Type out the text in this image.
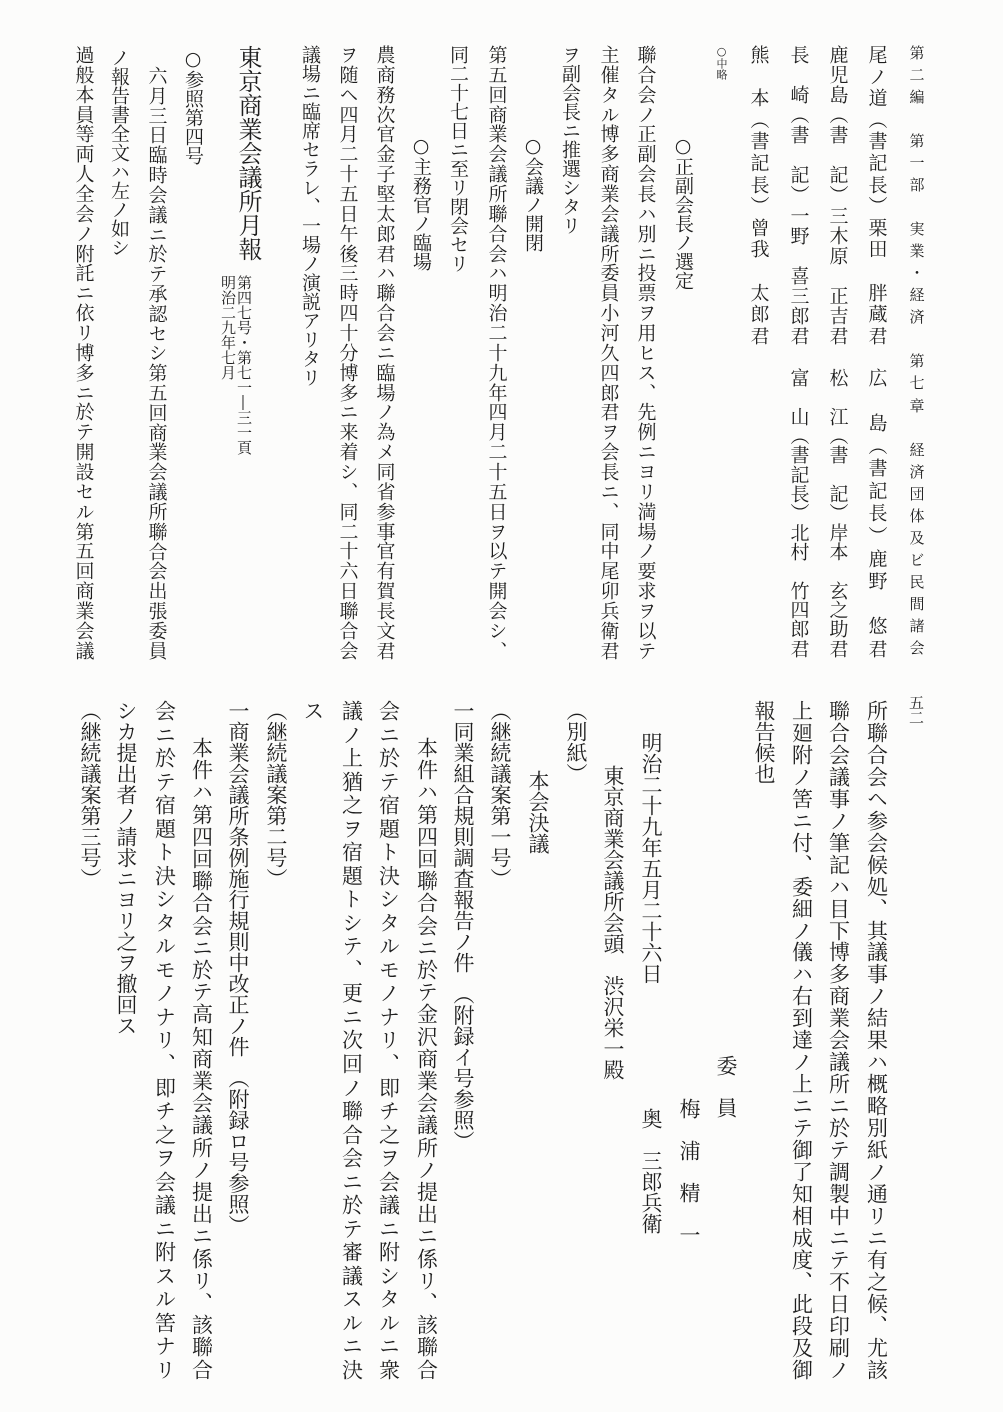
第
二
編

第
一
部

実
業
・
経
済

第
七
章

経
済
団
体
及
ビ
民
間
諸
会
尾
ノ
道
（
書
記
長
）
栗
田

胖
蔵
君
広

島
（
書
記
長
）
鹿
野

悠
君
鹿
児
島
（
書

記
）
三
木
原

正
吉
君
松

江
（
書

記
）
岸
本

玄
之
助
君
長

崎
（
書

記
）
一
野

喜
三
郎
君
富

山
（
書
記
長
）
北
村

竹
四
郎
君
熊

本
（
書
記
長
）
曾
我

太
郎
君
○中略
○正副会長ノ選定
聯
合
会
ノ
正
副
会
長
ハ
別
ニ
投
票
ヲ
用
ヒ
ス
、
先
例
ニ
ヨ
リ
満
場
ノ
要
求
ヲ
以
テ
主
催
タ
ル
博
多
商
業
会
議
所
委
員
小
河
久
四
郎
君
ヲ
会
長
ニ
、
同
中
尾
卯
兵
衛
君
ヲ副会長ニ推選シタリ
○会議ノ開閉
第
五
回
商
業
会
議
所
聯
合
会
ハ
明
治
二
十
九
年
四
月
二
十
五
日
ヲ
以
テ
開
会
シ
、
同二十七日ニ至リ閉会セリ
○主務官ノ臨場
農
商
務
次
官
金
子
堅
太
郎
君
ハ
聯
合
会
ニ
臨
場
ノ
為
メ
同
省
参
事
官
有
賀
長
文
君
ヲ
随
ヘ
四
月
二
十
五
日
午
後
三
時
四
十
分
博
多
ニ
来
着
シ
、
同
二
十
六
日
聯
合
会
議場ニ臨席セラレ、一場ノ演説アリタリ
東京商業会議所月報
第四七号・第七一―三一頁
明治二九年七月
○参照第四号
六
月
三
日
臨
時
会
議
ニ
於
テ
承
認
セ
シ
第
五
回
商
業
会
議
所
聯
合
会
出
張
委
員
ノ報告書全文ハ左ノ如シ
過
般
本
員
等
両
人
全
会
ノ
附
託
ニ
依
リ
博
多
ニ
於
テ
開
設
セ
ル
第
五
回
商
業
会
議
五二
所
聯
合
会
ヘ
参
会
候
処
、
其
議
事
ノ
結
果
ハ
概
略
別
紙
ノ
通
リ
ニ
有
之
候
、
尤
該
聯
合
会
議
事
ノ
筆
記
ハ
目
下
博
多
商
業
会
議
所
ニ
於
テ
調
製
中
ニ
テ
不
日
印
刷
ノ
上
廻
附
ノ
筈
ニ
付
、
委
細
ノ
儀
ハ
右
到
達
ノ
上
ニ
テ
御
了
知
相
成
度
、
此
段
及
御
報告候也
委　員
梅　浦　精　一
奥　三郎兵衛
明治二十九年五月二十六日
東京商業会議所会頭　渋沢栄一殿
（別紙）
本会決議
（継続議案第一号）
一同業組合規則調査報告ノ件　（附録イ号参照）
本
件
ハ
第
四
回
聯
合
会
ニ
於
テ
金
沢
商
業
会
議
所
ノ
提
出
ニ
係
リ
、
該
聯
合
会
ニ
於
テ
宿
題
ト
決
シ
タ
ル
モ
ノ
ナ
リ
、
即
チ
之
ヲ
会
議
ニ
附
シ
タ
ル
ニ
衆
議
ノ
上
猶
之
ヲ
宿
題
ト
シ
テ
、
更
ニ
次
回
ノ
聯
合
会
ニ
於
テ
審
議
ス
ル
ニ
決
ス
（継続議案第二号）
一商業会議所条例施行規則中改正ノ件　（附録ロ号参照）
本
件
ハ
第
四
回
聯
合
会
ニ
於
テ
高
知
商
業
会
議
所
ノ
提
出
ニ
係
リ
、
該
聯
合
会
ニ
於
テ
宿
題
ト
決
シ
タ
ル
モ
ノ
ナ
リ
、
即
チ
之
ヲ
会
議
ニ
附
ス
ル
筈
ナ
リ
シカ提出者ノ請求ニヨリ之ヲ撤回ス
（継続議案第三号）
